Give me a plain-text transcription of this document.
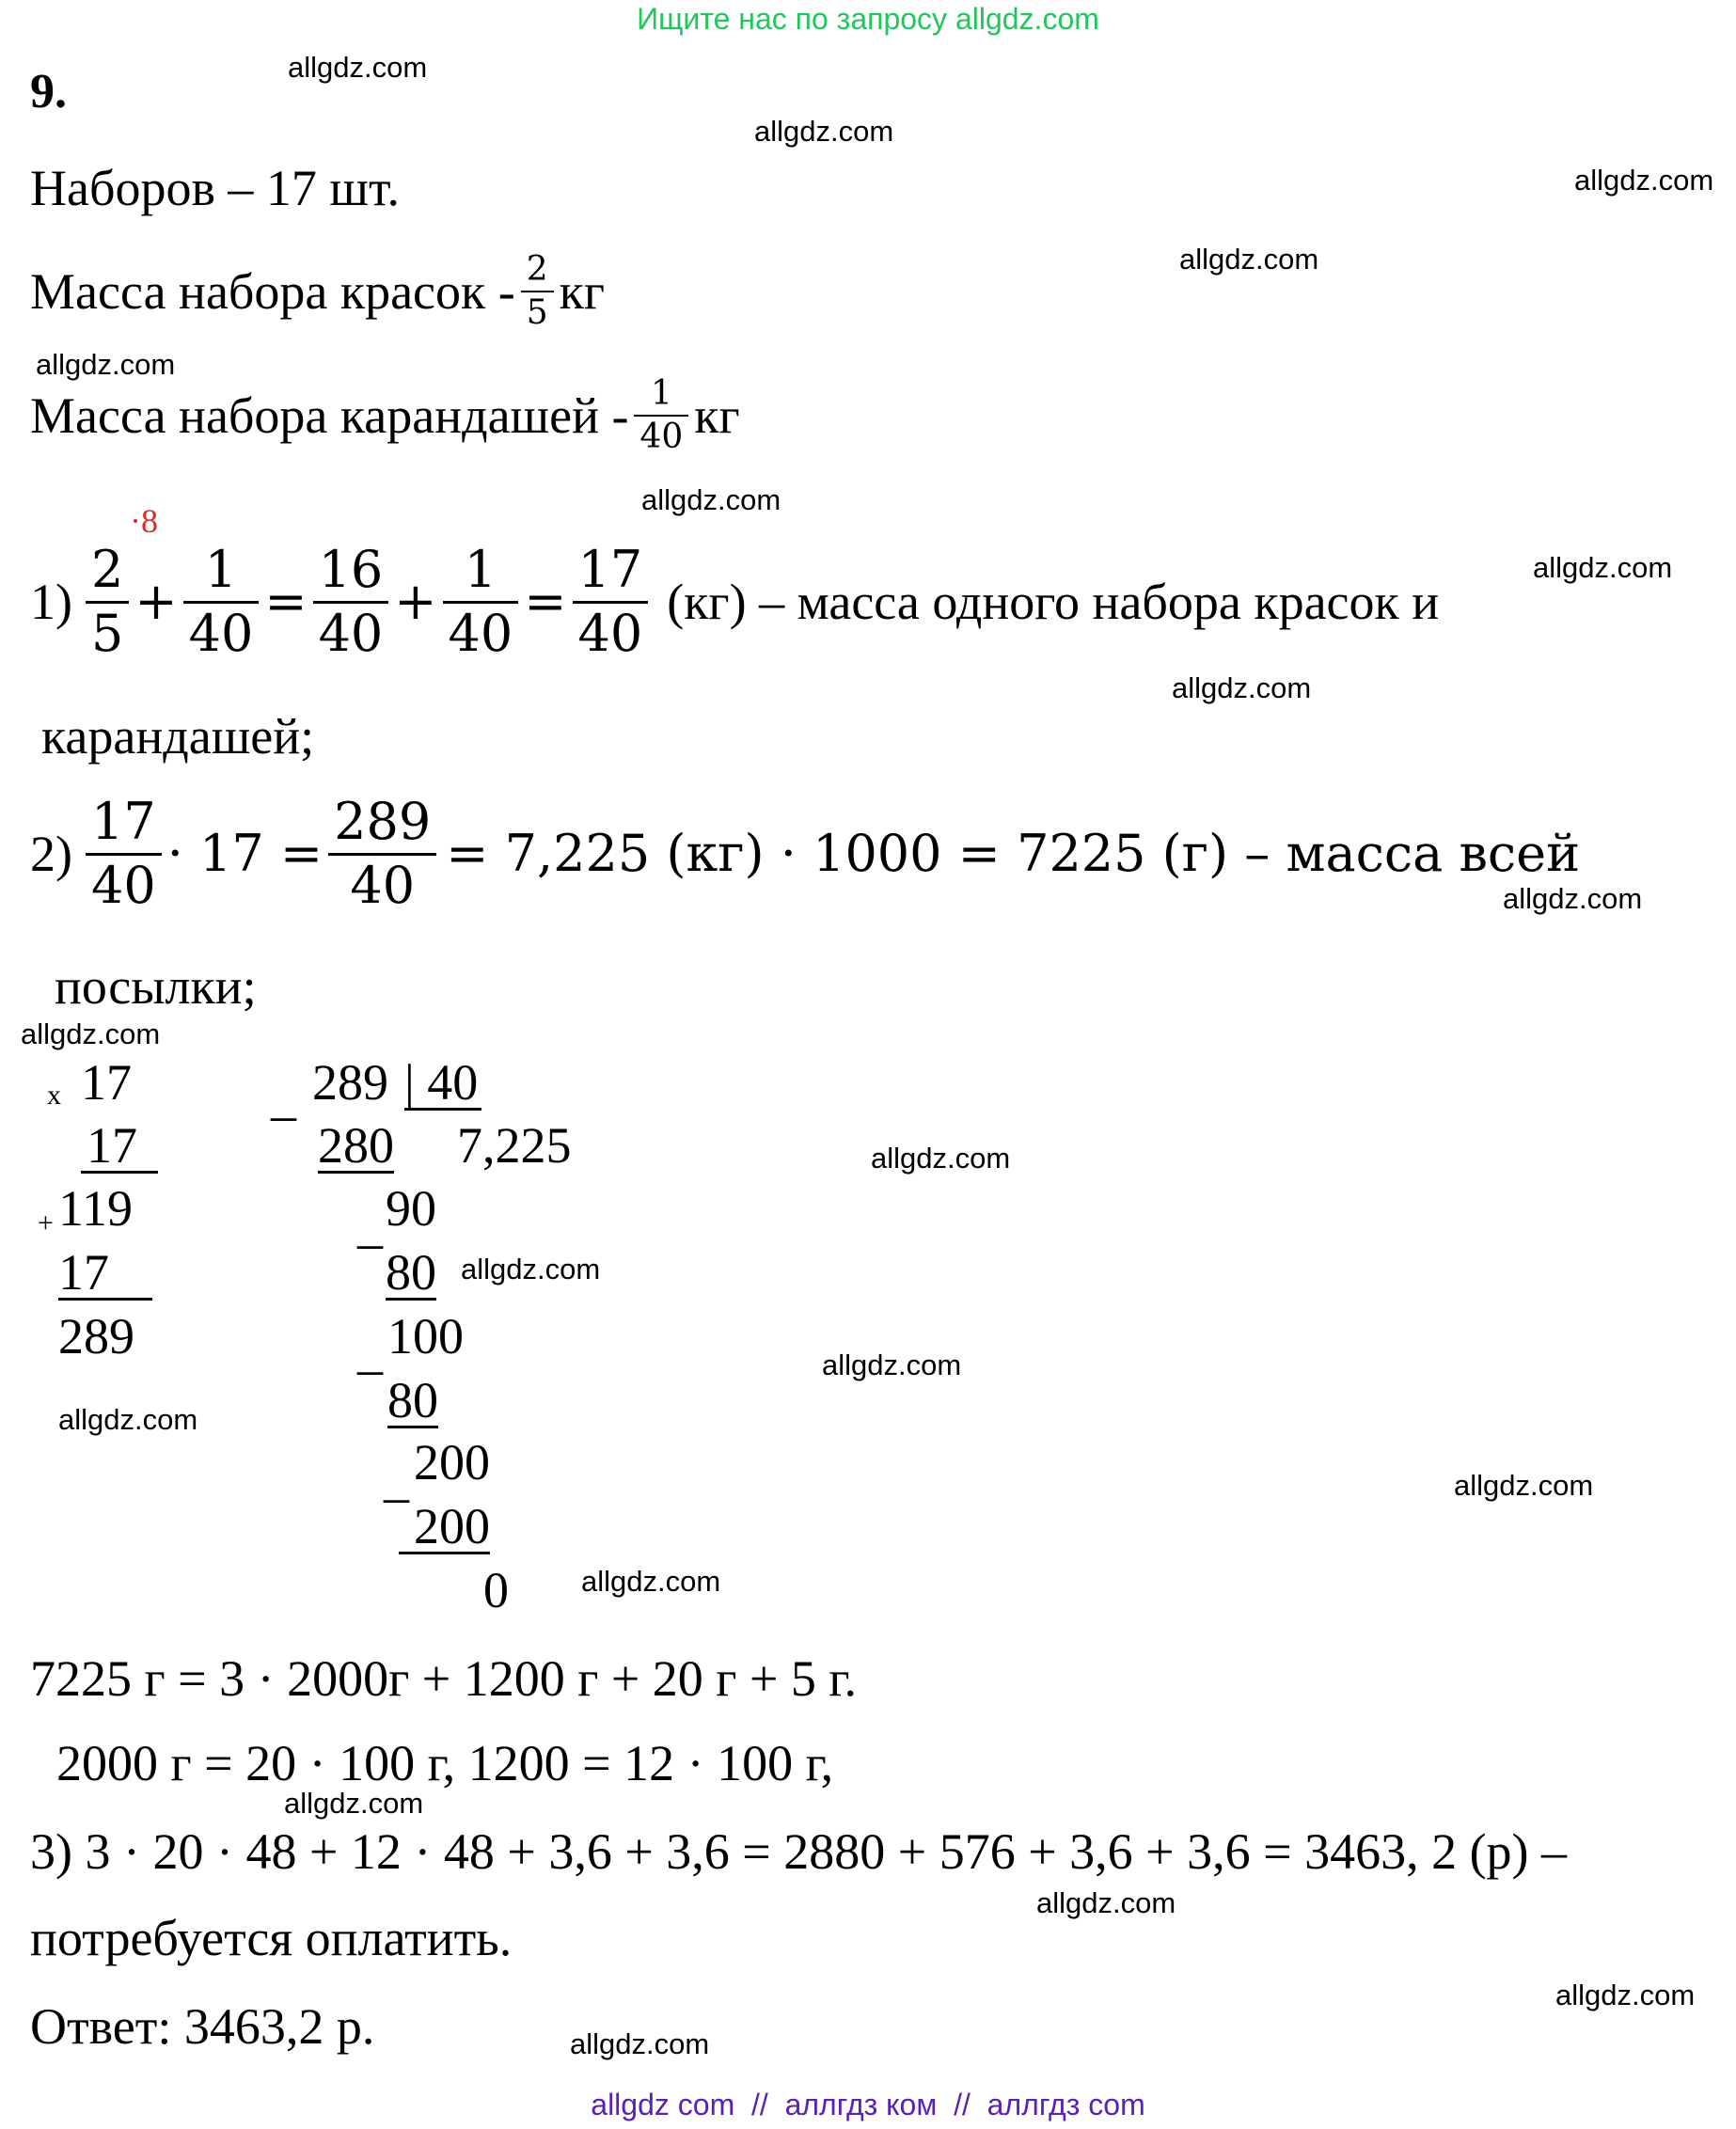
Ищите нас по запросу allgdz.com
9.
Наборов – 17 шт.
Масса набора красок - $\frac{2}{5}$ кг
Масса набора карандашей - $\frac{1}{40}$ кг
·8
$1) \frac{2}{5} + \frac{1}{40} = \frac{16}{40} + \frac{1}{40} = \frac{17}{40} (кг)$ – масса одного набора красок и
карандашей;
$2) \frac{17}{40} \cdot 17 = \frac{289}{40} = 7,225$ (кг) · 1000 = 7225 (г) – масса всей
посылки;
x 17
17
+ 119
17
289
_ 289 | 40
280 7,225
_ 90
80
_ 100
80
_ 200
200
0
7225 г = 3 · 2000г + 1200 г + 20 г + 5 г.
2000 г = 20 · 100 г, 1200 = 12 · 100 г,
3) 3 · 20 · 48 + 12 · 48 + 3,6 + 3,6 = 2880 + 576 + 3,6 + 3,6 = 3463, 2 (р) –
потребуется оплатить.
Ответ: 3463,2 р.
allgdz.com
allgdz.com
allgdz.com
allgdz.com
allgdz.com
allgdz.com
allgdz.com
allgdz.com
allgdz.com
allgdz.com
allgdz.com
allgdz.com
allgdz.com
allgdz.com
allgdz.com
allgdz.com
allgdz.com
allgdz.com
allgdz.com
allgdz.com
allgdz com  //  аллгдз ком  //  аллгдз com
